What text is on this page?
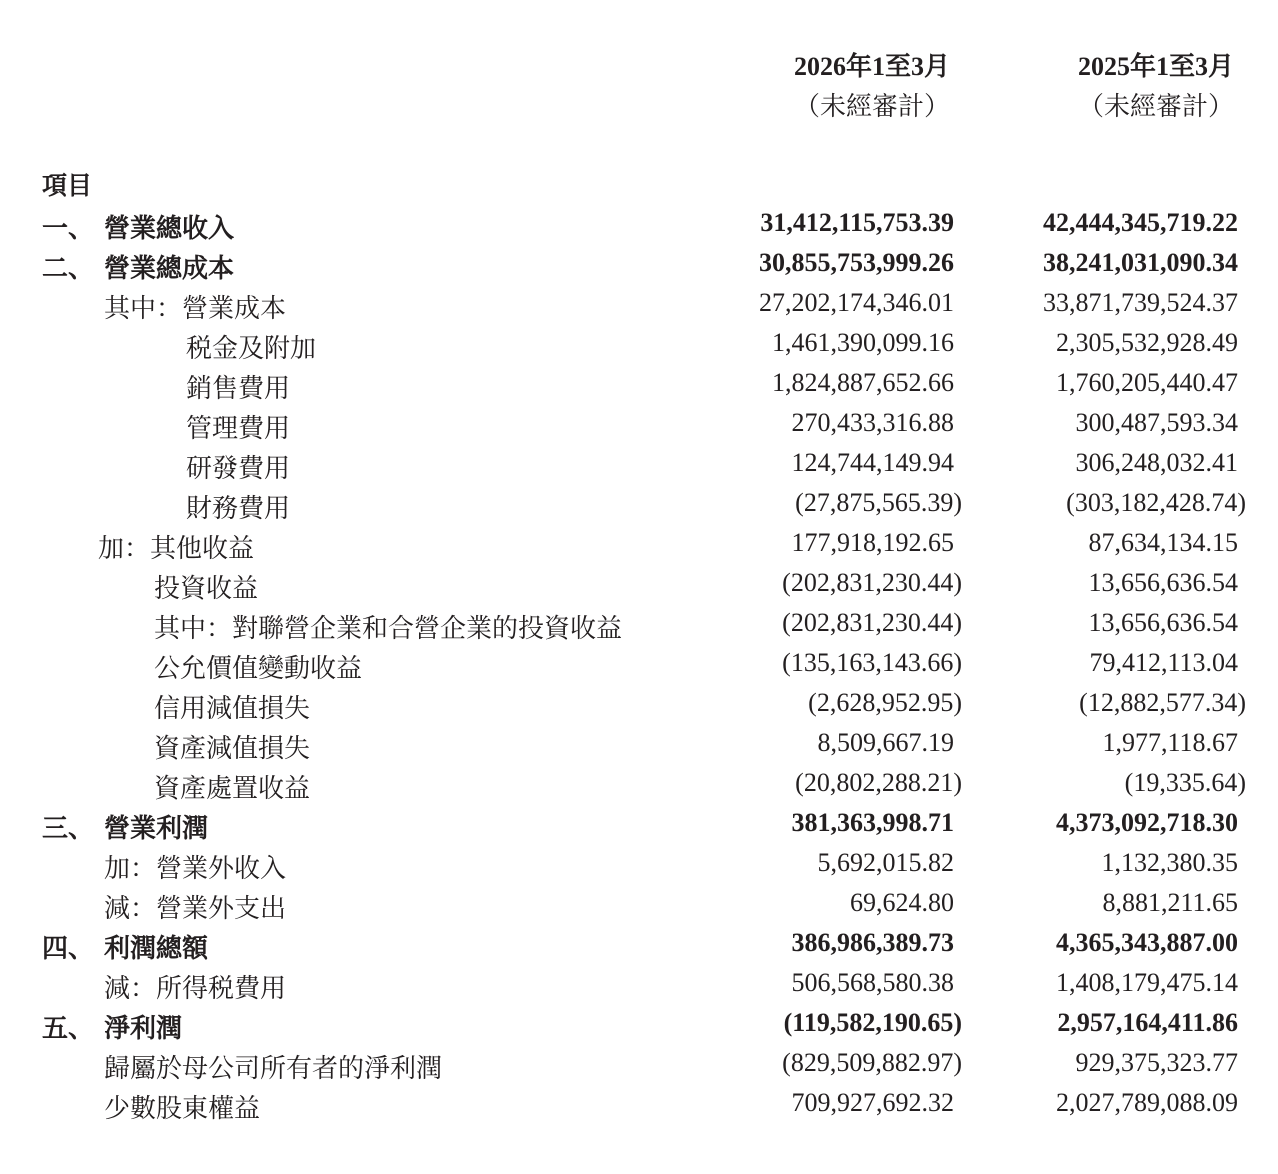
2026年1至3月
（未經審計）
2025年1至3月
（未經審計）
項目
一、 營業總收入	31,412,115,753.39	42,444,345,719.22
二、 營業總成本	30,855,753,999.26	38,241,031,090.34
其中：營業成本	27,202,174,346.01	33,871,739,524.37
税金及附加	1,461,390,099.16	2,305,532,928.49
銷售費用	1,824,887,652.66	1,760,205,440.47
管理費用	270,433,316.88	300,487,593.34
研發費用	124,744,149.94	306,248,032.41
財務費用	(27,875,565.39)	(303,182,428.74)
加：其他收益	177,918,192.65	87,634,134.15
投資收益	(202,831,230.44)	13,656,636.54
其中：對聯營企業和合營企業的投資收益	(202,831,230.44)	13,656,636.54
公允價值變動收益	(135,163,143.66)	79,412,113.04
信用減值損失	(2,628,952.95)	(12,882,577.34)
資產減值損失	8,509,667.19	1,977,118.67
資產處置收益	(20,802,288.21)	(19,335.64)
三、 營業利潤	381,363,998.71	4,373,092,718.30
加：營業外收入	5,692,015.82	1,132,380.35
減：營業外支出	69,624.80	8,881,211.65
四、 利潤總額	386,986,389.73	4,365,343,887.00
減：所得税費用	506,568,580.38	1,408,179,475.14
五、 淨利潤	(119,582,190.65)	2,957,164,411.86
歸屬於母公司所有者的淨利潤	(829,509,882.97)	929,375,323.77
少數股東權益	709,927,692.32	2,027,789,088.09
